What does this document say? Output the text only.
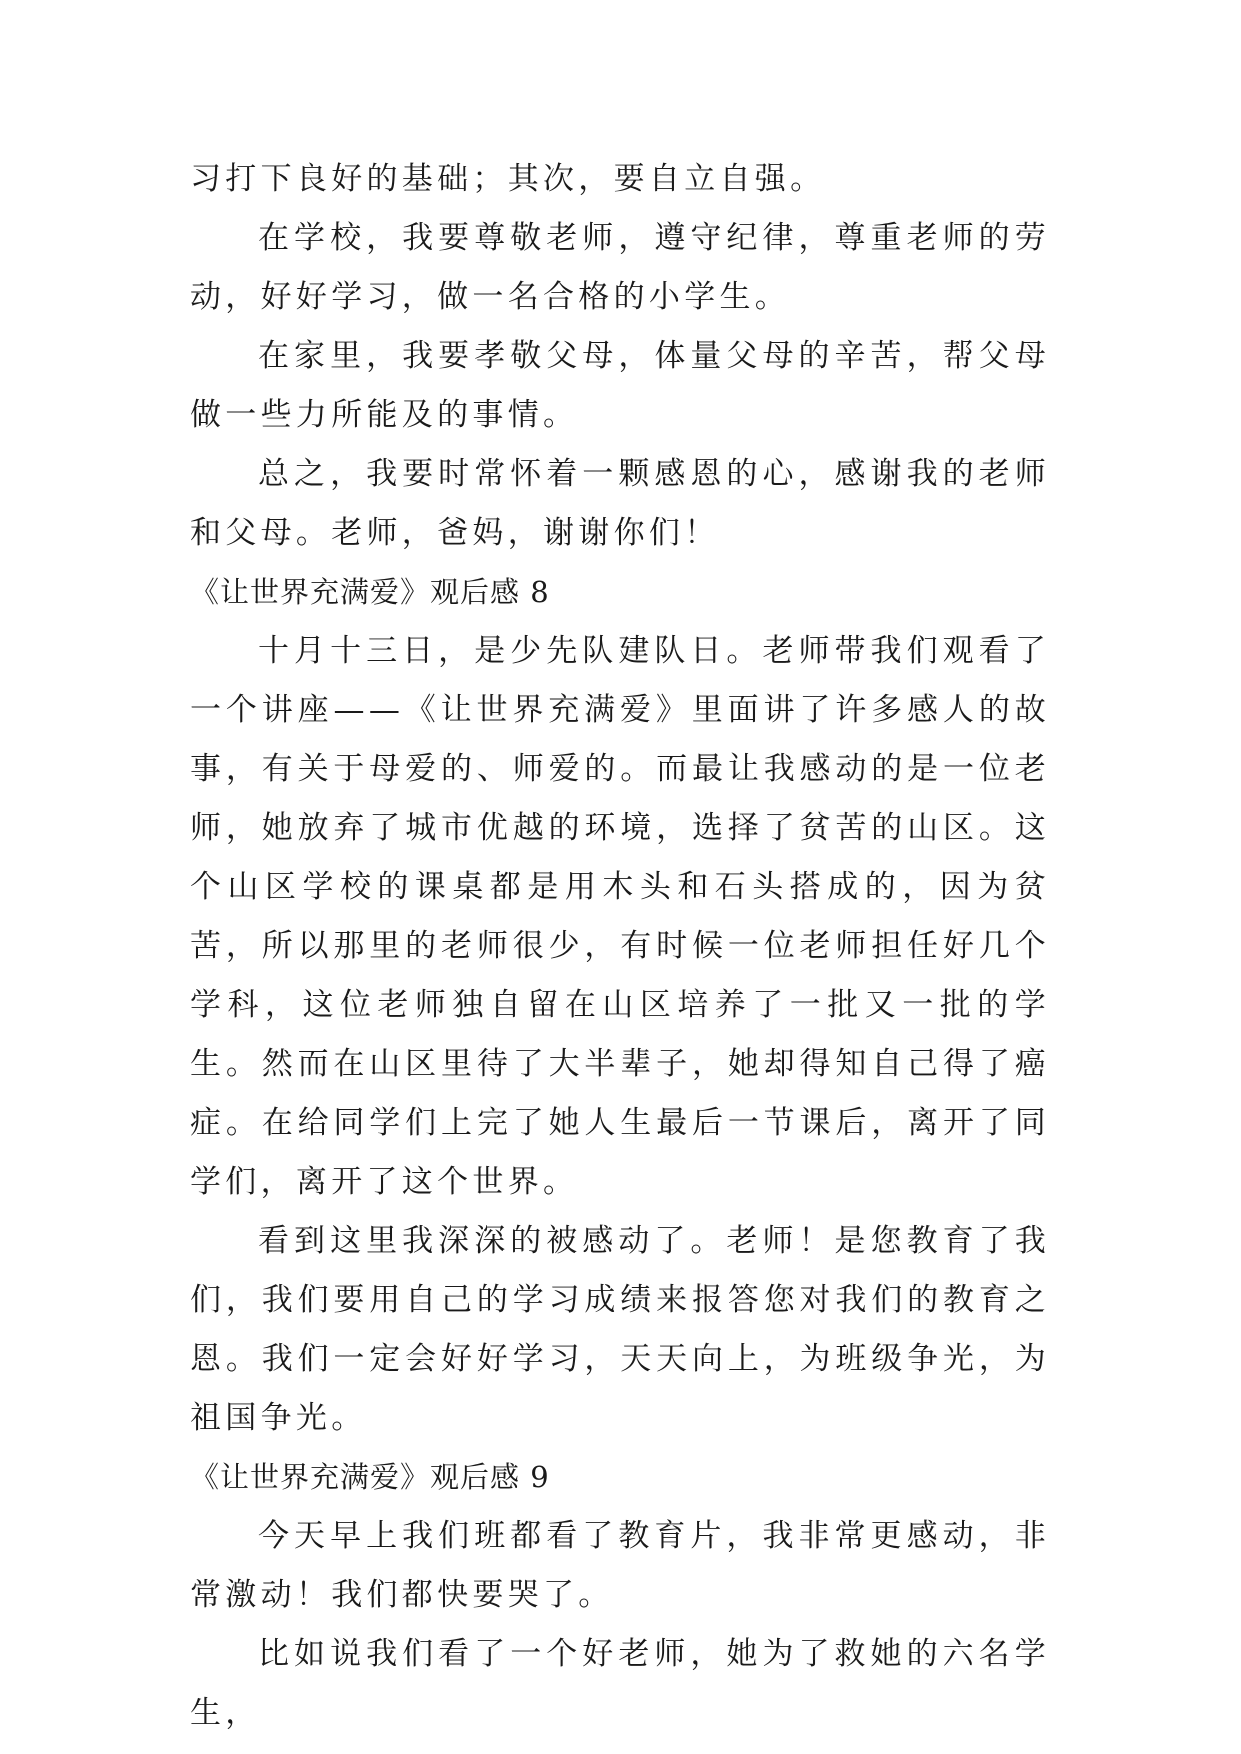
习打下良好的基础；其次，要自立自强。

在学校，我要尊敬老师，遵守纪律，尊重老师的劳动，好好学习，做一名合格的小学生。

在家里，我要孝敬父母，体量父母的辛苦，帮父母做一些力所能及的事情。

总之，我要时常怀着一颗感恩的心，感谢我的老师和父母。老师，爸妈，谢谢你们！

《让世界充满爱》观后感 8

十月十三日，是少先队建队日。老师带我们观看了一个讲座——《让世界充满爱》里面讲了许多感人的故事，有关于母爱的、师爱的。而最让我感动的是一位老师，她放弃了城市优越的环境，选择了贫苦的山区。这个山区学校的课桌都是用木头和石头搭成的，因为贫苦，所以那里的老师很少，有时候一位老师担任好几个学科，这位老师独自留在山区培养了一批又一批的学生。然而在山区里待了大半辈子，她却得知自己得了癌症。在给同学们上完了她人生最后一节课后，离开了同学们，离开了这个世界。

看到这里我深深的被感动了。老师！是您教育了我们，我们要用自己的学习成绩来报答您对我们的教育之恩。我们一定会好好学习，天天向上，为班级争光，为祖国争光。

《让世界充满爱》观后感 9

今天早上我们班都看了教育片，我非常更感动，非常激动！我们都快要哭了。

比如说我们看了一个好老师，她为了救她的六名学生，
